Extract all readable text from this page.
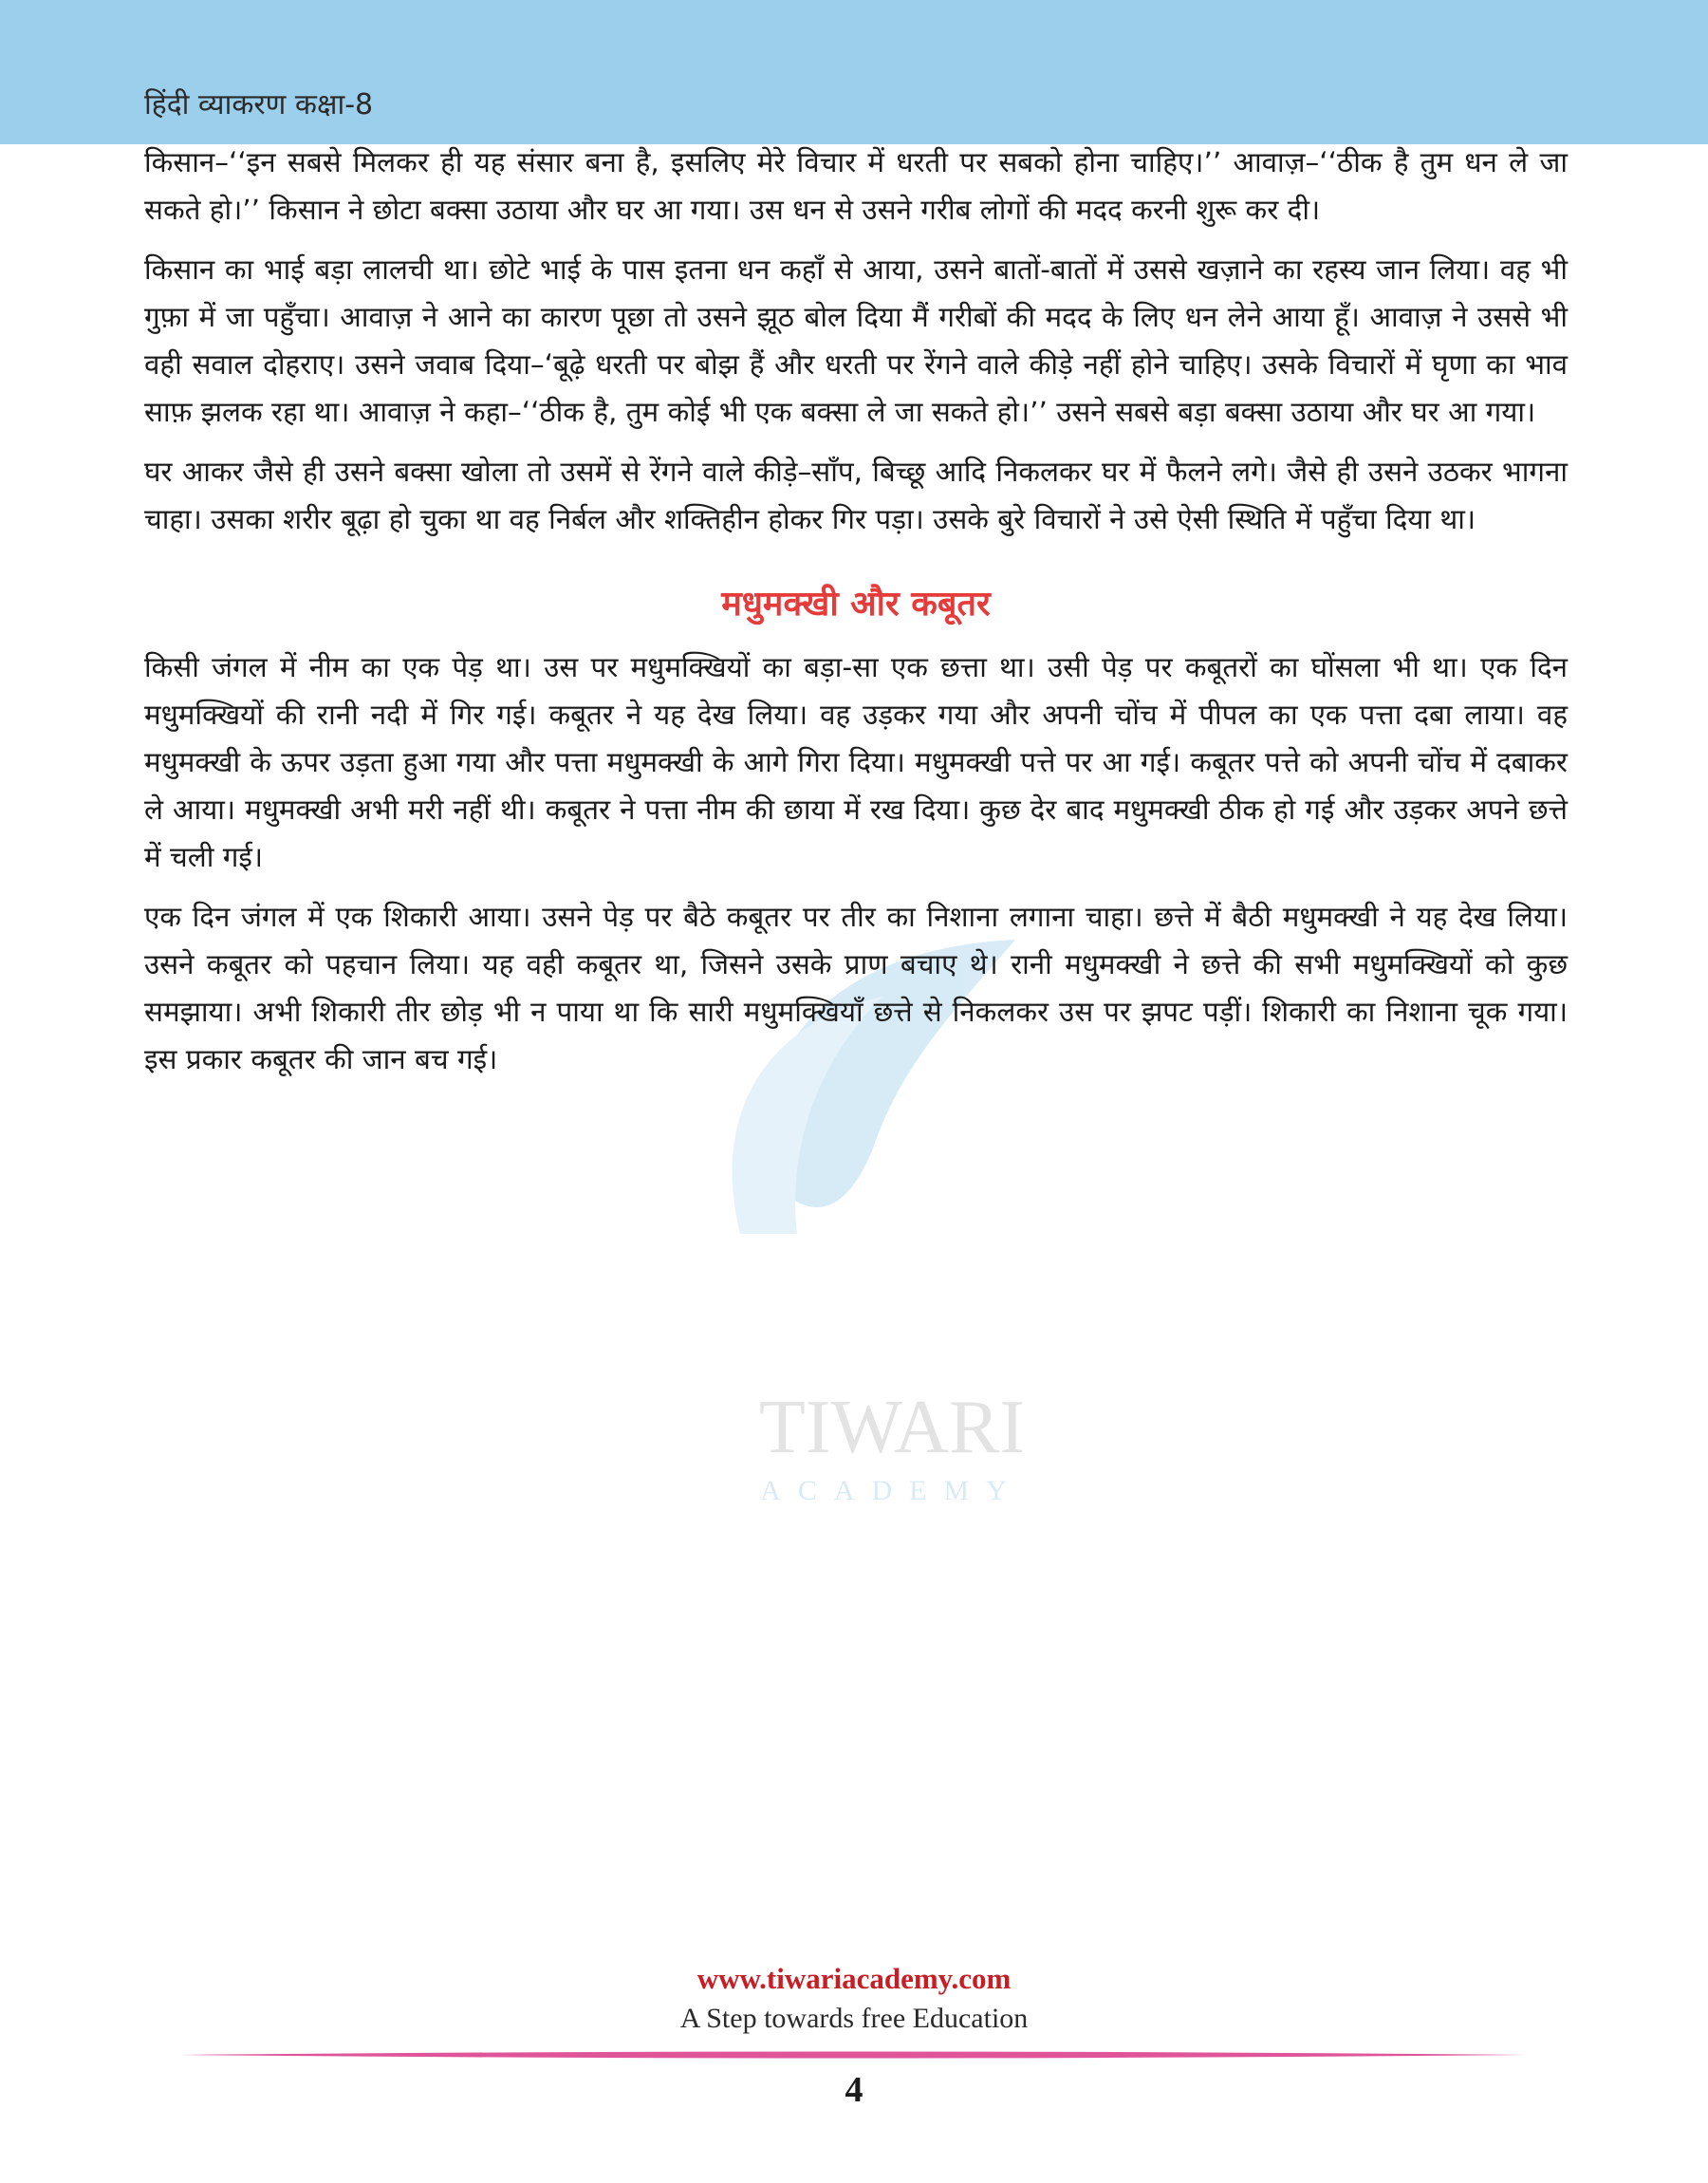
हिंदी व्याकरण कक्षा-8
TIWARI
ACADEMY

किसान–‘‘इन सबसे मिलकर ही यह संसार बना है, इसलिए मेरे विचार में धरती पर सबको होना चाहिए।’’ आवाज़–‘‘ठीक है तुम धन ले जा सकते हो।’’ किसान ने छोटा बक्सा उठाया और घर आ गया। उस धन से उसने गरीब लोगों की मदद करनी शुरू कर दी।

किसान का भाई बड़ा लालची था। छोटे भाई के पास इतना धन कहाँ से आया, उसने बातों-बातों में उससे खज़ाने का रहस्य जान लिया। वह भी गुफ़ा में जा पहुँचा। आवाज़ ने आने का कारण पूछा तो उसने झूठ बोल दिया मैं गरीबों की मदद के लिए धन लेने आया हूँ। आवाज़ ने उससे भी वही सवाल दोहराए। उसने जवाब दिया–‘बूढ़े धरती पर बोझ हैं और धरती पर रेंगने वाले कीड़े नहीं होने चाहिए। उसके विचारों में घृणा का भाव साफ़ झलक रहा था। आवाज़ ने कहा–‘‘ठीक है, तुम कोई भी एक बक्सा ले जा सकते हो।’’ उसने सबसे बड़ा बक्सा उठाया और घर आ गया।

घर आकर जैसे ही उसने बक्सा खोला तो उसमें से रेंगने वाले कीड़े–साँप, बिच्छू आदि निकलकर घर में फैलने लगे। जैसे ही उसने उठकर भागना चाहा। उसका शरीर बूढ़ा हो चुका था वह निर्बल और शक्तिहीन होकर गिर पड़ा। उसके बुरे विचारों ने उसे ऐसी स्थिति में पहुँचा दिया था।

मधुमक्खी और कबूतर

किसी जंगल में नीम का एक पेड़ था। उस पर मधुमक्खियों का बड़ा-सा एक छत्ता था। उसी पेड़ पर कबूतरों का घोंसला भी था। एक दिन मधुमक्खियों की रानी नदी में गिर गई। कबूतर ने यह देख लिया। वह उड़कर गया और अपनी चोंच में पीपल का एक पत्ता दबा लाया। वह मधुमक्खी के ऊपर उड़ता हुआ गया और पत्ता मधुमक्खी के आगे गिरा दिया। मधुमक्खी पत्ते पर आ गई। कबूतर पत्ते को अपनी चोंच में दबाकर ले आया। मधुमक्खी अभी मरी नहीं थी। कबूतर ने पत्ता नीम की छाया में रख दिया। कुछ देर बाद मधुमक्खी ठीक हो गई और उड़कर अपने छत्ते में चली गई।

एक दिन जंगल में एक शिकारी आया। उसने पेड़ पर बैठे कबूतर पर तीर का निशाना लगाना चाहा। छत्ते में बैठी मधुमक्खी ने यह देख लिया। उसने कबूतर को पहचान लिया। यह वही कबूतर था, जिसने उसके प्राण बचाए थे। रानी मधुमक्खी ने छत्ते की सभी मधुमक्खियों को कुछ समझाया। अभी शिकारी तीर छोड़ भी न पाया था कि सारी मधुमक्खियाँ छत्ते से निकलकर उस पर झपट पड़ीं। शिकारी का निशाना चूक गया। इस प्रकार कबूतर की जान बच गई।

www.tiwariacademy.com
A Step towards free Education
4
